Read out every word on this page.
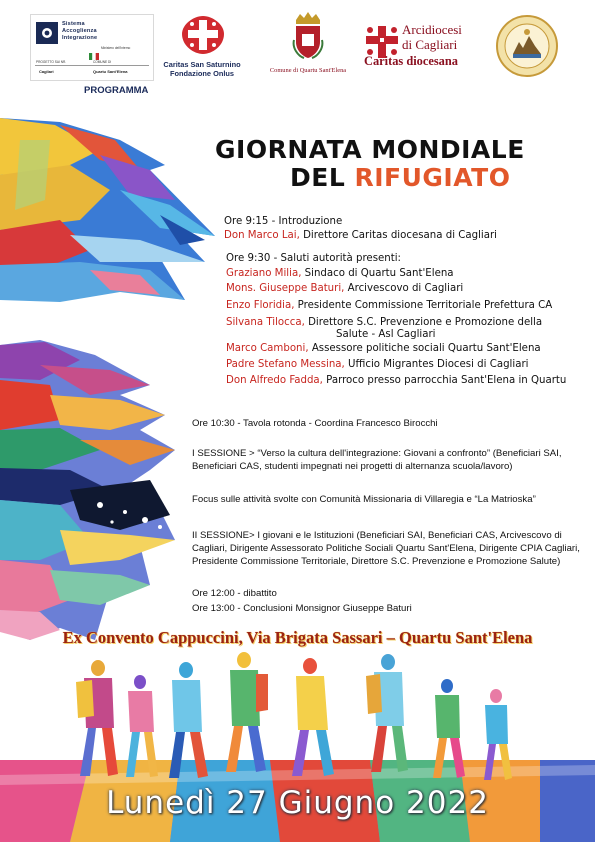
Sistema
Accoglienza
Integrazione
Ministero dell'Interno
PROGETTO SAI NR.	COMUNE DI
Cagliari	Quartu Sant'Elena
PROGRAMMA
Caritas San Saturnino
Fondazione Onlus	Comune di Quartu Sant'Elena
Arcidiocesi
di Cagliari
Caritas diocesana
GIORNATA MONDIALE
DEL RIFUGIATO
Ore 9:15 - Introduzione
Don Marco Lai, Direttore Caritas diocesana di Cagliari
Ore 9:30 - Saluti autorità presenti:
Graziano Milia, Sindaco di Quartu Sant'Elena
Mons. Giuseppe Baturi, Arcivescovo di Cagliari
Enzo Floridia, Presidente Commissione Territoriale Prefettura CA
Silvana Tilocca, Direttore S.C. Prevenzione e Promozione della
Salute - Asl Cagliari
Marco Camboni, Assessore politiche sociali Quartu Sant'Elena
Padre Stefano Messina, Ufficio Migrantes Diocesi di Cagliari
Don Alfredo Fadda, Parroco presso parrocchia Sant'Elena in Quartu
Ore 10:30 - Tavola rotonda - Coordina Francesco Birocchi
I SESSIONE > “Verso la cultura dell'integrazione: Giovani a confronto” (Beneficiari SAI,
Beneficiari CAS, studenti impegnati nei progetti di alternanza scuola/lavoro)
Focus sulle attività svolte con Comunità Missionaria di Villaregia e “La Matrioska”
II SESSIONE> I giovani e le Istituzioni (Beneficiari SAI, Beneficiari CAS, Arcivescovo di
Cagliari, Dirigente Assessorato Politiche Sociali Quartu Sant'Elena, Dirigente CPIA Cagliari,
Presidente Commissione Territoriale, Direttore S.C. Prevenzione e Promozione Salute)
Ore 12:00 - dibattito
Ore 13:00 - Conclusioni Monsignor Giuseppe Baturi
Ex Convento Cappuccini, Via Brigata Sassari – Quartu Sant'Elena
Lunedì 27 Giugno 2022
